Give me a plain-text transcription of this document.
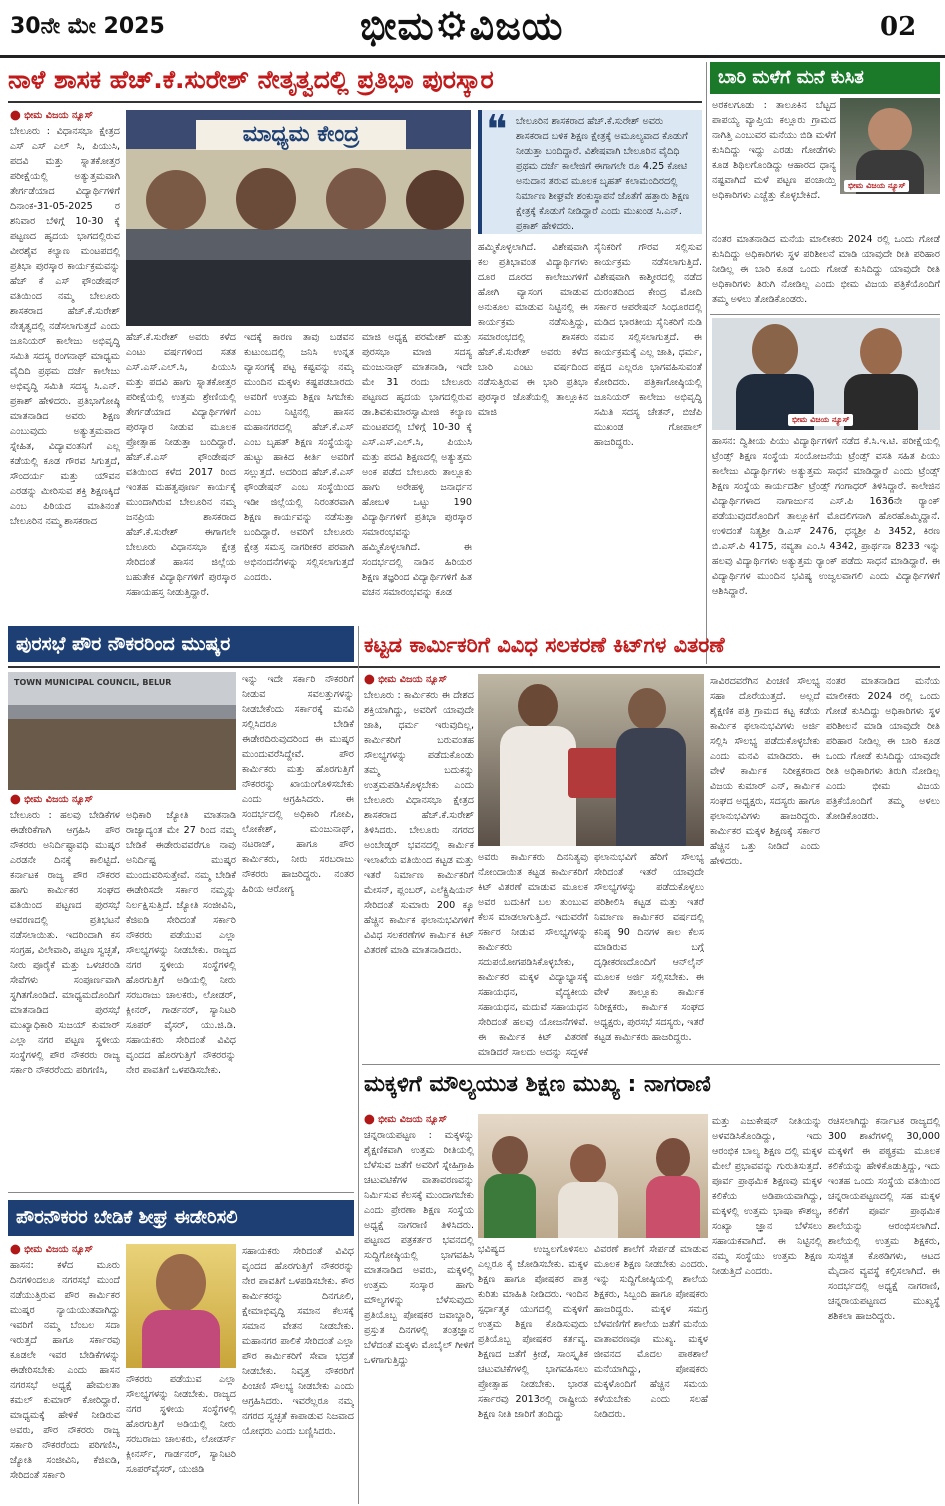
30ನೇ ಮೇ 2025	ಭೀಮ⚙ವಿಜಯ	02
ನಾಳೆ ಶಾಸಕ ಹೆಚ್.ಕೆ.ಸುರೇಶ್ ನೇತೃತ್ವದಲ್ಲಿ ಪ್ರತಿಭಾ ಪುರಸ್ಕಾರ
⬤ ಭೀಮ ವಿಜಯ ನ್ಯೂಸ್
ಬೇಲೂರು : ವಿಧಾನಸಭಾ ಕ್ಷೇತ್ರದ ಎಸ್ ಎಸ್ ಎಲ್ ಸಿ, ಪಿಯುಸಿ, ಪದವಿ ಮತ್ತು ಸ್ನಾತಕೋತ್ತರ ಪರೀಕ್ಷೆಯಲ್ಲಿ ಅತ್ಯುತ್ತಮವಾಗಿ ತೇರ್ಗಡೆಯಾದ ವಿದ್ಯಾರ್ಥಿಗಳಿಗೆ ದಿನಾಂಕ-31-05-2025 ರ ಶನಿವಾರ ಬೆಳಿಗ್ಗೆ 10-30 ಕ್ಕೆ ಪಟ್ಟಣದ ಹೃದಯ ಭಾಗದಲ್ಲಿರುವ ವೀರಶೈವ ಕಲ್ಯಾಣ ಮಂಟಪದಲ್ಲಿ ಪ್ರತಿಭಾ ಪುರಸ್ಕಾರ ಕಾರ್ಯಕ್ರಮವನ್ನು ಹೆಚ್ ಕೆ ಎಸ್ ಫೌಂಡೇಷನ್ ವತಿಯಿಂದ ನಮ್ಮ ಬೇಲೂರು ಶಾಸಕರಾದ ಹೆಚ್.ಕೆ.ಸುರೇಶ್ ನೇತೃತ್ವದಲ್ಲಿ ನಡೆಸಲಾಗುತ್ತದೆ ಎಂದು ಜೂನಿಯರ್ ಕಾಲೇಜು ಅಭಿವೃದ್ಧಿ ಸಮಿತಿ ಸದಸ್ಯ ರಂಗನಾಥ್ ಮಾಧ್ಯಮ ವೈದಿದಿ ಪ್ರಥಮ ದರ್ಜೆ ಕಾಲೇಜು ಅಭಿವೃದ್ಧಿ ಸಮಿತಿ ಸದಸ್ಯ ಸಿ.ಎನ್. ಪ್ರಕಾಶ್ ಹೇಳಿದರು. ಪ್ರತಿಭಾಗೋಷ್ಠಿ ಮಾತನಾಡಿದ ಅವರು ಶಿಕ್ಷಣ ಎಂಬುವುದು ಅತ್ಯುತ್ತಮವಾದ ಸ್ನೇಹಿತ, ವಿದ್ಯಾವಂತನಿಗೆ ಎಲ್ಲ ಕಡೆಯಲ್ಲಿ ಕೂಡ ಗೌರವ ಸಿಗುತ್ತದೆ, ಸೌಂದರ್ಯ ಮತ್ತು ಯೌವನ ಎರಡನ್ನು ಮೀರಿಸುವ ಶಕ್ತಿ ಶಿಕ್ಷಣಕ್ಕಿದೆ ಎಂಬ ಪಿಠಿಯದ ಮಾತಿನಂತೆ ಬೇಲೂರಿನ ನಮ್ಮ ಶಾಸಕರಾದ
ಮಾಧ್ಯಮ ಕೇಂದ್ರ	❝ ಬೇಲೂರಿನ ಶಾಸಕರಾದ ಹೆಚ್.ಕೆ.ಸುರೇಶ್ ಅವರು ಶಾಸಕರಾದ ಬಳಿಕ ಶಿಕ್ಷಣ ಕ್ಷೇತ್ರಕ್ಕೆ ಅಮೂಲ್ಯವಾದ ಕೊಡುಗೆ ನೀಡುತ್ತಾ ಬಂದಿದ್ದಾರೆ. ವಿಶೇಷವಾಗಿ ಬೇಲೂರಿನ ವೈದಿಧಿ ಪ್ರಥಮ ದರ್ಜೆ ಕಾಲೇಜಿಗೆ ಈಗಾಗಲೇ ರೂ 4.25 ಕೋಟಿ ಅನುದಾನ ತರುವ ಮೂಲಕ ಬೃಹತ್ ಕಲಾಮಂದಿರದಲ್ಲಿ ನಿರ್ಮಾಣ ಶೀಘ್ರವೇ ಶಂಕುಸ್ಥಾಪನೆ ಜೊತೆಗೆ ಹತ್ತಾರು ಶಿಕ್ಷಣ ಕ್ಷೇತ್ರಕ್ಕೆ ಕೊಡುಗೆ ನೀಡಿದ್ದಾರೆ ಎಂದು ಮುಖಂಡ ಸಿ.ಎನ್. ಪ್ರಕಾಶ್ ಹೇಳಿದರು.
ಹೆಚ್.ಕೆ.ಸುರೇಶ್ ಅವರು ಕಳೆದ ಎಂಟು ವರ್ಷಗಳಿಂದ ಸತತ ಎಸ್.ಎಸ್.ಎಲ್.ಸಿ, ಪಿಯುಸಿ ಮತ್ತು ಪದವಿ ಹಾಗು ಸ್ನಾತಕೋತ್ತರ ಪರೀಕ್ಷೆಯಲ್ಲಿ ಉತ್ತಮ ಶ್ರೇಣಿಯಲ್ಲಿ ತೇರ್ಗಡೆಯಾದ ವಿದ್ಯಾರ್ಥಿಗಳಿಗೆ ಪುರಸ್ಕಾರ ನೀಡುವ ಮೂಲಕ ಪ್ರೋತ್ಸಾಹ ನೀಡುತ್ತಾ ಬಂದಿದ್ದಾರೆ. ಹೆಚ್.ಕೆ.ಎಸ್ ಫೌಂಡೇಷನ್ ವತಿಯಿಂದ ಕಳೆದ 2017 ರಿಂದ ಇಂತಹ ಮಹತ್ವಪೂರ್ಣ ಕಾರ್ಯಕ್ಕೆ ಮುಂದಾಗಿರುವ ಬೇಲೂರಿನ ನಮ್ಮ ಜನಪ್ರಿಯ ಶಾಸಕರಾದ ಹೆಚ್.ಕೆ.ಸುರೇಶ್ ಈಗಾಗಲೇ ಬೇಲೂರು ವಿಧಾನಸಭಾ ಕ್ಷೇತ್ರ ಸೇರಿದಂತೆ ಹಾಸನ ಜಿಲ್ಲೆಯ ಬಹುತೇಕ ವಿದ್ಯಾರ್ಥಿಗಳಿಗೆ ಪುರಸ್ಕಾರ ಸಹಾಯಹಸ್ತ ನೀಡುತ್ತಿದ್ದಾರೆ.
ಇದಕ್ಕೆ ಕಾರಣ ತಾವು ಬಡವನ ಕುಟುಂಬದಲ್ಲಿ ಜನಿಸಿ ಉನ್ನತ ವ್ಯಾಸಂಗಕ್ಕೆ ಪಟ್ಟ ಕಷ್ಟವನ್ನು ನಮ್ಮ ಮುಂದಿನ ಮಕ್ಕಳು ಕಷ್ಟಪಡಬಾರದು ಅವರಿಗೆ ಉತ್ತಮ ಶಿಕ್ಷಣ ಸಿಗಬೇಕು ಎಂಬ ನಿಟ್ಟಿನಲ್ಲಿ ಹಾಸನ ಮಹಾನಗರದಲ್ಲಿ ಹೆಚ್.ಕೆ.ಎಸ್ ಎಂಬ ಬೃಹತ್ ಶಿಕ್ಷಣ ಸಂಸ್ಥೆಯನ್ನು ಹುಟ್ಟು ಹಾಕಿದ ಕೀರ್ತಿ ಅವರಿಗೆ ಸಲ್ಲುತ್ತದೆ. ಅದರಿಂದ ಹೆಚ್.ಕೆ.ಎಸ್ ಫೌಂಡೇಷನ್ ಎಂಬ ಸಂಸ್ಥೆಯಿಂದ ಇಡೀ ಜಿಲ್ಲೆಯಲ್ಲಿ ನಿರಂತರವಾಗಿ ಶಿಕ್ಷಣ ಕಾರ್ಯವನ್ನು ನಡೆಸುತ್ತಾ ಬಂದಿದ್ದಾರೆ. ಅವರಿಗೆ ಬೇಲೂರು ಕ್ಷೇತ್ರ ಸಮಸ್ತ ನಾಗರೀಕರ ಪರವಾಗಿ ಅಭಿನಂದನೆಗಳನ್ನು ಸಲ್ಲಿಸಲಾಗುತ್ತದೆ ಎಂದರು.
ಮಾಜಿ ಅಧ್ಯಕ್ಷ ಪರಮೇಶ್ ಮತ್ತು ಪುರಸಭಾ ಮಾಜಿ ಸದಸ್ಯ ಮಂಜುನಾಥ್ ಮಾತನಾಡಿ, ಇದೇ ಮೇ 31 ರಂದು ಬೇಲೂರು ಪಟ್ಟಣದ ಹೃದಯ ಭಾಗದಲ್ಲಿರುವ ಡಾ.ಶಿವಕುಮಾರಸ್ವಾಮೀಜಿ ಕಲ್ಯಾಣ ಮಂಟಪದಲ್ಲಿ ಬೆಳಿಗ್ಗೆ 10-30 ಕ್ಕೆ ಎಸ್.ಎಸ್.ಎಲ್.ಸಿ, ಪಿಯುಸಿ ಮತ್ತು ಪದವಿ ಶಿಕ್ಷಣದಲ್ಲಿ ಅತ್ಯುತ್ತಮ ಅಂಕ ಪಡೆದ ಬೇಲೂರು ತಾಲ್ಲೂಕು ಹಾಗು ಅರೇಹಳ್ಳಿ ಜನಾರ್ಧನ ಹೋಬಳಿ ಒಟ್ಟು 190 ವಿದ್ಯಾರ್ಥಿಗಳಿಗೆ ಪ್ರತಿಭಾ ಪುರಸ್ಕಾರ ಸಮಾರಂಭವನ್ನು ಹಮ್ಮಿಕೊಳ್ಳಲಾಗಿದೆ. ಈ ಸಂದರ್ಭದಲ್ಲಿ ನಾಡಿನ ಹಿರಿಯರ ಶಿಕ್ಷಣ ತಜ್ಞರಿಂದ ವಿದ್ಯಾರ್ಥಿಗಳಿಗೆ ಹಿತ ವಚನ ಸಮಾರಂಭವನ್ನು ಕೂಡ
ಹಮ್ಮಿಕೊಳ್ಳಲಾಗಿದೆ. ವಿಶೇಷವಾಗಿ ಕಲ ಪ್ರತಿಭಾವಂತ ವಿದ್ಯಾರ್ಥಿಗಳು ದೂರ ದೂರದ ಕಾಲೇಜುಗಳಿಗೆ ಹೋಗಿ ವ್ಯಾಸಂಗ ಮಾಡುವ ಅನುಕೂಲ ಮಾಡುವ ನಿಟ್ಟಿನಲ್ಲಿ ಈ ಕಾರ್ಯಕ್ರಮ ನಡೆಸುತ್ತಿದ್ದು, ಸಮಾರಂಭದಲ್ಲಿ ಶಾಸಕರು ಹೆಚ್.ಕೆ.ಸುರೇಶ್ ಅವರು ಕಳೆದ ಬಾರಿ ಎಂಟು ವರ್ಷದಿಂದ ನಡೆಸುತ್ತಿರುವ ಈ ಭಾರಿ ಪ್ರತಿಭಾ ಪುರಸ್ಕಾರ ಜೊತೆಯಲ್ಲಿ ತಾಲ್ಲೂಕಿನ ಮಾಜಿ
ಸೈನಿಕರಿಗೆ ಗೌರವ ಸಲ್ಲಿಸುವ ಕಾರ್ಯಕ್ರಮ ನಡೆಸಲಾಗುತ್ತಿದೆ. ವಿಶೇಷವಾಗಿ ಕಾಶ್ಮೀರದಲ್ಲಿ ನಡೆದ ದುರಂತದಿಂದ ಕೇಂದ್ರ ಮೋದಿ ಸರ್ಕಾರ ಆಪರೇಷನ್ ಸಿಂಧೂರದಲ್ಲಿ ಮಡಿದ ಭಾರತೀಯ ಸೈನಿಕರಿಗೆ ನುಡಿ ನಮನ ಸಲ್ಲಿಸಲಾಗುತ್ತದೆ. ಈ ಕಾರ್ಯಕ್ರಮಕ್ಕೆ ಎಲ್ಲ ಜಾತಿ, ಧರ್ಮ, ಪಕ್ಷದ ಎಲ್ಲರೂ ಭಾಗವಹಿಸುವಂತೆ ಕೋರಿದರು. ಪತ್ರಿಕಾಗೋಷ್ಠಿಯಲ್ಲಿ ಜೂನಿಯರ್ ಕಾಲೇಜು ಅಭಿವೃದ್ಧಿ ಸಮಿತಿ ಸದಸ್ಯ ಚೇತನ್, ಬಿಜೆಪಿ ಮುಖಂಡ ಗೋಪಾಲ್ ಹಾಜರಿದ್ದರು.
ಬಾರಿ ಮಳೆಗೆ ಮನೆ ಕುಸಿತ
ಅರಕಲಗೂಡು : ತಾಲೂಕಿನ ಬೆಟ್ಟದ ಪಾಪಯ್ಯ ವ್ಯಾಪ್ತಿಯ ಕಲ್ಲೂರು ಗ್ರಾಮದ ನಾಗಿತ್ತಿ ಎಂಬುವರ ಮನೆಯು ಬಿಡಿ ಮಳೆಗೆ ಕುಸಿದಿದ್ದು ಇದ್ದು ಎರಡು ಗೋಡೆಗಳು ಕೂಡ ಶಿಥಿಲಗೊಂಡಿದ್ದು ಆಹಾರದ ಧಾನ್ಯ ನಷ್ಟವಾಗಿದೆ ಮಳೆ ಪಟ್ಟಣ ಪಂಚಾಯ್ತಿ ಅಧಿಕಾರಿಗಳು ಎಚ್ಚೆತ್ತು ಕೊಳ್ಳಬೇಕಿದೆ.
ಭೀಮ ವಿಜಯ ನ್ಯೂಸ್
ನಂತರ ಮಾತನಾಡಿದ ಮನೆಯ ಮಾಲೀಕರು 2024 ರಲ್ಲಿ ಒಂದು ಗೋಡೆ ಕುಸಿದಿದ್ದು ಅಧಿಕಾರಿಗಳು ಸ್ಥಳ ಪರಿಶೀಲನೆ ಮಾಡಿ ಯಾವುದೇ ರೀತಿ ಪರಿಹಾರ ನೀಡಿಲ್ಲ ಈ ಬಾರಿ ಕೂಡ ಒಂದು ಗೋಡೆ ಕುಸಿದಿದ್ದು ಯಾವುದೇ ರೀತಿ ಅಧಿಕಾರಿಗಳು ತಿರುಗಿ ನೋಡಿಲ್ಲ ಎಂದು ಭೀಮ ವಿಜಯ ಪತ್ರಿಕೆಯೊಂದಿಗೆ ತಮ್ಮ ಅಳಲು ತೋಡಿಕೊಂಡರು.
ಭೀಮ ವಿಜಯ ನ್ಯೂಸ್
ಹಾಸನ: ದ್ವಿತೀಯ ಪಿಯು ವಿದ್ಯಾರ್ಥಿಗಳಿಗೆ ನಡೆದ ಕೆ.ಸಿ.ಇ.ಟಿ. ಪರೀಕ್ಷೆಯಲ್ಲಿ ಟ್ರೆಂಡ್ಸ್ ಶಿಕ್ಷಣ ಸಂಸ್ಥೆಯ ಸಂಯೋಜನೆಯ ಟ್ರೆಂಡ್ಸ್ ವಸತಿ ಸಹಿತ ಪಿಯು ಕಾಲೇಜು ವಿದ್ಯಾರ್ಥಿಗಳು ಅತ್ಯುತ್ತಮ ಸಾಧನೆ ಮಾಡಿದ್ದಾರೆ ಎಂದು ಟ್ರೆಂಡ್ಸ್ ಶಿಕ್ಷಣ ಸಂಸ್ಥೆಯ ಕಾರ್ಯದರ್ಶಿ ಟ್ರೆಂಡ್ಸ್ ಗಂಗಾಧರ್ ತಿಳಿಸಿದ್ದಾರೆ. ಕಾಲೇಜಿನ ವಿದ್ಯಾರ್ಥಿಗಳಾದ ನಾಗಾರ್ಜುನ ಎಸ್.ಪಿ 1636ನೇ ರ್‍ಯಾಂಕ್ ಪಡೆಯುವುದರೊಂದಿಗೆ ತಾಲ್ಲೂಕಿಗೆ ಮೊದಲಿಗನಾಗಿ ಹೊರಹೊಮ್ಮಿದ್ದಾನೆ. ಉಳಿದಂತೆ ನಿತ್ಯಶ್ರೀ ಡಿ.ಎಸ್ 2476, ಧನ್ಯಶ್ರೀ ಪಿ 3452, ಕಿರಣ ಬಿ.ಎಸ್.ಪಿ 4175, ನವ್ಯತಾ ಎಂ.ಸಿ 4342, ಪ್ರಾರ್ಥನಾ 8233 ಇನ್ನು ಹಲವು ವಿದ್ಯಾರ್ಥಿಗಳು ಅತ್ಯುತ್ತಮ ರ್‍ಯಾಂಕ್ ಪಡೆದು ಸಾಧನೆ ಮಾಡಿದ್ದಾರೆ. ಈ ವಿದ್ಯಾರ್ಥಿಗಳ ಮುಂದಿನ ಭವಿಷ್ಯ ಉಜ್ವಲವಾಗಲಿ ಎಂದು ವಿದ್ಯಾರ್ಥಿಗಳಿಗೆ ಆಶಿಸಿದ್ದಾರೆ.
ಪುರಸಭೆ ಪೌರ ನೌಕರರಿಂದ ಮುಷ್ಕರ
TOWN MUNICIPAL COUNCIL, BELUR
⬤ ಭೀಮ ವಿಜಯ ನ್ಯೂಸ್
ಬೇಲೂರು : ಹಲವು ಬೇಡಿಕೆಗಳ ಈಡೇರಿಕೆಗಾಗಿ ಆಗ್ರಹಿಸಿ ಪೌರ ನೌಕರರು ಅನಿರ್ದಿಷ್ಟಾವಧಿ ಮುಷ್ಕರ ಎರಡನೇ ದಿನಕ್ಕೆ ಕಾಲಿಟ್ಟಿದೆ. ಕರ್ನಾಟಕ ರಾಜ್ಯ ಪೌರ ನೌಕರರ ಹಾಗು ಕಾರ್ಮಿಕರ ಸಂಘದ ವತಿಯಿಂದ ಪಟ್ಟಣದ ಪುರಸಭೆ ಆವರಣದಲ್ಲಿ ಪ್ರತಿಭಟನೆ ನಡೆಸಲಾಯಿತು. ಇದರಿಂದಾಗಿ ಕಸ ಸಂಗ್ರಹ, ವಿಲೇವಾರಿ, ಪಟ್ಟಣ ಸ್ವಚ್ಛತೆ, ನೀರು ಪೂರೈಕೆ ಮತ್ತು ಒಳಚರಂಡಿ ಸೇವೆಗಳು ಸಂಪೂರ್ಣವಾಗಿ ಸ್ಥಗಿತಗೊಂಡಿದೆ. ಮಾಧ್ಯಮದೊಂದಿಗೆ ಮಾತನಾಡಿದ ಪುರಸಭೆ ಮುಖ್ಯಾಧಿಕಾರಿ ಸುಜಯ್ ಕುಮಾರ್ ಎಲ್ಲಾ ನಗರ ಪಟ್ಟಣ ಸ್ಥಳೀಯ ಸಂಸ್ಥೆಗಳಲ್ಲಿ ಪೌರ ನೌಕರರು ರಾಜ್ಯ ಸರ್ಕಾರಿ ನೌಕರರೆಂದು ಪರಿಗಣಿಸಿ,
ಅಧಿಕಾರಿ ಜ್ಯೋತಿ ಮಾತನಾಡಿ ರಾಜ್ಯಾದ್ಯಂತ ಮೇ 27 ರಿಂದ ನಮ್ಮ ಬೇಡಿಕೆ ಈಡೇರುವವರೆಗೂ ನಾವು ಅನಿರ್ದಿಷ್ಟ ಮುಷ್ಕರ ಮುಂದುವರಿಸುತ್ತೇವೆ. ನಮ್ಮ ಬೇಡಿಕೆ ಈಡೇರಿಸದೇ ಸರ್ಕಾರ ನಮ್ಮನ್ನು ನಿರ್ಲಕ್ಷಿಸುತ್ತಿದೆ. ಜ್ಯೋತಿ ಸಂಜೀವಿನಿ, ಕೆಜಿಐಡಿ ಸೇರಿದಂತೆ ಸರ್ಕಾರಿ ನೌಕರರು ಪಡೆಯುವ ಎಲ್ಲಾ ಸೌಲಭ್ಯಗಳನ್ನು ನೀಡಬೇಕು. ರಾಜ್ಯದ ನಗರ ಸ್ಥಳೀಯ ಸಂಸ್ಥೆಗಳಲ್ಲಿ ಹೊರಗುತ್ತಿಗೆ ಅಡಿಯಲ್ಲಿ ನೀರು ಸರಬರಾಜು ಚಾಲಕರು, ಲೋಡರ್, ಕ್ಲೀನರ್, ಗಾರ್ಡನರ್, ಸ್ಯಾನಿಟರಿ ಸೂಪರ್ ವೈಸರ್, ಯು.ಜಿ.ಡಿ. ಸಹಾಯಕರು ಸೇರಿದಂತೆ ವಿವಿಧ ವೃಂದದ ಹೊರಗುತ್ತಿಗೆ ನೌಕರರನ್ನು ನೇರ ಪಾವತಿಗೆ ಒಳಪಡಿಸಬೇಕು.
ಇನ್ನು ಇದೇ ಸರ್ಕಾರಿ ನೌಕರರಿಗೆ ನೀಡುವ ಸವಲತ್ತುಗಳನ್ನು ನೀಡಬೇಕೆಂದು ಸರ್ಕಾರಕ್ಕೆ ಮನವಿ ಸಲ್ಲಿಸಿದರೂ ಬೇಡಿಕೆ ಈಡೇರದಿರುವುದರಿಂದ ಈ ಮುಷ್ಕರ ಮುಂದುವರೆಸಿದ್ದೇವೆ. ಪೌರ ಕಾರ್ಮಿಕರು ಮತ್ತು ಹೊರಗುತ್ತಿಗೆ ನೌಕರರನ್ನು ಖಾಯಂಗೊಳಿಸಬೇಕು ಎಂದು ಆಗ್ರಹಿಸಿದರು. ಈ ಸಂದರ್ಭದಲ್ಲಿ ಅಧಿಕಾರಿ ಗೋಪಿ, ಲೋಕೇಶ್, ಮಂಜುನಾಥ್, ನಟರಾಜ್, ಹಾಗೂ ಪೌರ ಕಾರ್ಮಿಕರು, ನೀರು ಸರಬರಾಜು ನೌಕರರು ಹಾಜರಿದ್ದರು. ನಂತರ ಹಿರಿಯ ಆರೋಗ್ಯ
ಕಟ್ಟಡ ಕಾರ್ಮಿಕರಿಗೆ ವಿವಿಧ ಸಲಕರಣೆ ಕಿಟ್‌ಗಳ ವಿತರಣೆ
⬤ ಭೀಮ ವಿಜಯ ನ್ಯೂಸ್
ಬೇಲೂರು : ಕಾರ್ಮಿಕರು ಈ ದೇಶದ ಶಕ್ತಿಯಾಗಿದ್ದು, ಅವರಿಗೆ ಯಾವುದೇ ಜಾತಿ, ಧರ್ಮ ಇರುವುದಿಲ್ಲ, ಕಾರ್ಮಿಕರಿಗೆ ಬರುವಂತಹ ಸೌಲಭ್ಯಗಳನ್ನು ಪಡೆದುಕೊಂಡು ತಮ್ಮ ಬದುಕನ್ನು ಉತ್ತಮಪಡಿಸಿಕೊಳ್ಳಬೇಕು ಎಂದು ಬೇಲೂರು ವಿಧಾನಸಭಾ ಕ್ಷೇತ್ರದ ಶಾಸಕರಾದ ಹೆಚ್.ಕೆ.ಸುರೇಶ್ ತಿಳಿಸಿದರು. ಬೇಲೂರು ನಗರದ ಅಂಬೇಡ್ಕರ್ ಭವನದಲ್ಲಿ ಕಾರ್ಮಿಕ ಇಲಾಖೆಯ ವತಿಯಿಂದ ಕಟ್ಟಡ ಮತ್ತು ಇತರೆ ನಿರ್ಮಾಣ ಕಾರ್ಮಿಕರಿಗೆ ಮೇಸನ್, ಪ್ಲಂಬರ್, ಎಲೆಕ್ಟ್ರಿಷಿಯನ್ ಸೇರಿದಂತೆ ಸುಮಾರು 200 ಕ್ಕೂ ಹೆಚ್ಚಿನ ಕಾರ್ಮಿಕ ಫಲಾನುಭವಿಗಳಿಗೆ ವಿವಿಧ ಸಲಕರಣೆಗಳ ಕಾರ್ಮಿಕ ಕಿಟ್ ವಿತರಣೆ ಮಾಡಿ ಮಾತನಾಡಿದರು.
ಅವರು ಕಾರ್ಮಿಕರು ದಿನನಿತ್ಯವು ನೋಂದಾಯಿತ ಕಟ್ಟಡ ಕಾರ್ಮಿಕರಿಗೆ ಕಿಟ್ ವಿತರಣೆ ಮಾಡುವ ಮೂಲಕ ಅವರ ಬದುಕಿಗೆ ಬಲ ತುಂಬುವ ಕೆಲಸ ಮಾಡಲಾಗುತ್ತಿದೆ. ಇದುವರೆಗೆ ಸರ್ಕಾರ ನೀಡುವ ಸೌಲಭ್ಯಗಳನ್ನು ಕಾರ್ಮಿಕರು ಸದುಪಯೋಗಪಡಿಸಿಕೊಳ್ಳಬೇಕು, ಕಾರ್ಮಿಕರ ಮಕ್ಕಳ ವಿದ್ಯಾಭ್ಯಾಸಕ್ಕೆ ಸಹಾಯಧನ, ವೈದ್ಯಕೀಯ ಸಹಾಯಧನ, ಮದುವೆ ಸಹಾಯಧನ ಸೇರಿದಂತೆ ಹಲವು ಯೋಜನೆಗಳಿವೆ. ಈ ಕಾರ್ಮಿಕ ಕಿಟ್ ವಿತರಣೆ ಮಾಡಿದರೆ ಸಾಲದು ಅದನ್ನು ಸದ್ಬಳಕೆ
ಫಲಾನುಭವಿಗೆ ಹೆರಿಗೆ ಸೌಲಭ್ಯ ಸೇರಿದಂತೆ ಇತರೆ ಯಾವುದೇ ಸೌಲಭ್ಯಗಳನ್ನು ಪಡೆದುಕೊಳ್ಳಲು ಪರಿಶೀಲಿಸಿ ಕಟ್ಟಡ ಮತ್ತು ಇತರೆ ನಿರ್ಮಾಣ ಕಾರ್ಮಿಕರ ವರ್ಷದಲ್ಲಿ ಕನಿಷ್ಠ 90 ದಿನಗಳ ಕಾಲ ಕೆಲಸ ಮಾಡಿರುವ ಬಗ್ಗೆ ದೃಢೀಕರಣದೊಂದಿಗೆ ಆನ್‌ಲೈನ್ ಮೂಲಕ ಅರ್ಜಿ ಸಲ್ಲಿಸಬೇಕು. ಈ ವೇಳೆ ತಾಲ್ಲೂಕು ಕಾರ್ಮಿಕ ನಿರೀಕ್ಷಕರು, ಕಾರ್ಮಿಕ ಸಂಘದ ಅಧ್ಯಕ್ಷರು, ಪುರಸಭೆ ಸದಸ್ಯರು, ಇತರೆ ಕಟ್ಟಡ ಕಾರ್ಮಿಕರು ಹಾಜರಿದ್ದರು.
ಸಾವಿರದವರೆಗಿನ ಪಿಂಚಣಿ ಸೌಲಭ್ಯ ಸಹಾ ದೊರೆಯುತ್ತದೆ. ಅಲ್ಲದೆ ಶೈಕ್ಷಣಿಕ ಪತ್ರಿ ಗ್ರಾಮದ ಕಟ್ಟ ಕಡೆಯ ಕಾರ್ಮಿಕ ಫಲಾನುಭವಿಗಳು ಅರ್ಜಿ ಸಲ್ಲಿಸಿ ಸೌಲಭ್ಯ ಪಡೆದುಕೊಳ್ಳಬೇಕು ಎಂದು ಮನವಿ ಮಾಡಿದರು. ಈ ವೇಳೆ ಕಾರ್ಮಿಕ ನಿರೀಕ್ಷಕರಾದ ವಿಜಯ ಕುಮಾರ್ ಎನ್, ಕಾರ್ಮಿಕ ಸಂಘದ ಅಧ್ಯಕ್ಷರು, ಸದಸ್ಯರು ಹಾಗೂ ಫಲಾನುಭವಿಗಳು ಹಾಜರಿದ್ದರು. ಕಾರ್ಮಿಕರ ಮಕ್ಕಳ ಶಿಕ್ಷಣಕ್ಕೆ ಸರ್ಕಾರ ಹೆಚ್ಚಿನ ಒತ್ತು ನೀಡಿದೆ ಎಂದು ಹೇಳಿದರು.
ನಂತರ ಮಾತನಾಡಿದ ಮನೆಯ ಮಾಲೀಕರು 2024 ರಲ್ಲಿ ಒಂದು ಗೋಡೆ ಕುಸಿದಿದ್ದು ಅಧಿಕಾರಿಗಳು ಸ್ಥಳ ಪರಿಶೀಲನೆ ಮಾಡಿ ಯಾವುದೇ ರೀತಿ ಪರಿಹಾರ ನೀಡಿಲ್ಲ ಈ ಬಾರಿ ಕೂಡ ಒಂದು ಗೋಡೆ ಕುಸಿದಿದ್ದು ಯಾವುದೇ ರೀತಿ ಅಧಿಕಾರಿಗಳು ತಿರುಗಿ ನೋಡಿಲ್ಲ ಎಂದು ಭೀಮ ವಿಜಯ ಪತ್ರಿಕೆಯೊಂದಿಗೆ ತಮ್ಮ ಅಳಲು ತೋಡಿಕೊಂಡರು.
ಮಕ್ಕಳಿಗೆ ಮೌಲ್ಯಯುತ ಶಿಕ್ಷಣ ಮುಖ್ಯ : ನಾಗರಾಣಿ
⬤ ಭೀಮ ವಿಜಯ ನ್ಯೂಸ್
ಚನ್ನರಾಯಪಟ್ಟಣ : ಮಕ್ಕಳನ್ನು ಶೈಕ್ಷಣಿಕವಾಗಿ ಉತ್ತಮ ರೀತಿಯಲ್ಲಿ ಬೆಳೆಸುವ ಜತೆಗೆ ಅವರಿಗೆ ಸ್ನೇಹಿಗ್ರಾಹಿ ಚಟುವಟಿಕೆಗಳ ವಾತಾವರಣವನ್ನು ನಿರ್ಮಿಸುವ ಕೆಲಸಕ್ಕೆ ಮುಂದಾಗಬೇಕು ಎಂದು ಪ್ರೇರಣಾ ಶಿಕ್ಷಣ ಸಂಸ್ಥೆಯ ಅಧ್ಯಕ್ಷೆ ನಾಗರಾಣಿ ತಿಳಿಸಿದರು. ಪಟ್ಟಣದ ಪತ್ರಕರ್ತರ ಭವನದಲ್ಲಿ ಸುದ್ದಿಗೋಷ್ಠಿಯಲ್ಲಿ ಭಾಗವಹಿಸಿ ಮಾತನಾಡಿದ ಅವರು, ಮಕ್ಕಳಲ್ಲಿ ಉತ್ತಮ ಸಂಸ್ಕಾರ ಹಾಗು ಮೌಲ್ಯಗಳನ್ನು ಬೆಳೆಸುವುದು ಪ್ರತಿಯೊಬ್ಬ ಪೋಷಕರ ಜವಾಬ್ದಾರಿ, ಪ್ರಸ್ತುತ ದಿನಗಳಲ್ಲಿ ತಂತ್ರಜ್ಞಾನ ಬೆಳೆದಂತೆ ಮಕ್ಕಳು ಮೊಬೈಲ್ ಗೀಳಿಗೆ ಒಳಗಾಗುತ್ತಿದ್ದು
ಭವಿಷ್ಯದ ಉಜ್ವಲಗೊಳಿಸಲು ಎಲ್ಲರೂ ಕೈ ಜೋಡಿಸಬೇಕು. ಮಕ್ಕಳ ಶಿಕ್ಷಣ ಹಾಗೂ ಪೋಷಕರ ಪಾತ್ರ ಕುರಿತು ಮಾಹಿತಿ ನೀಡಿದರು. ಇಂದಿನ ಸ್ಪರ್ಧಾತ್ಮಕ ಯುಗದಲ್ಲಿ ಮಕ್ಕಳಿಗೆ ಉತ್ತಮ ಶಿಕ್ಷಣ ಕೊಡಿಸುವುದು ಪ್ರತಿಯೊಬ್ಬ ಪೋಷಕರ ಕರ್ತವ್ಯ. ಶಿಕ್ಷಣದ ಜತೆಗೆ ಕ್ರೀಡೆ, ಸಾಂಸ್ಕೃತಿಕ ಚಟುವಟಿಕೆಗಳಲ್ಲಿ ಭಾಗವಹಿಸಲು ಪ್ರೋತ್ಸಾಹ ನೀಡಬೇಕು. ಭಾರತ ಸರ್ಕಾರವು 2013ರಲ್ಲಿ ರಾಷ್ಟ್ರೀಯ ಶಿಕ್ಷಣ ನೀತಿ ಜಾರಿಗೆ ತಂದಿದ್ದು
ವಿವರಣೆ ಶಾಲೆಗೆ ಸೇರ್ಪಡೆ ಮಾಡುವ ಮೂಲಕ ಶಿಕ್ಷಣ ನೀಡಬೇಕು ಎಂದರು. ಇನ್ನು ಸುದ್ದಿಗೋಷ್ಠಿಯಲ್ಲಿ ಶಾಲೆಯ ಶಿಕ್ಷಕರು, ಸಿಬ್ಬಂದಿ ಹಾಗೂ ಪೋಷಕರು ಹಾಜರಿದ್ದರು. ಮಕ್ಕಳ ಸಮಗ್ರ ಬೆಳವಣಿಗೆಗೆ ಶಾಲೆಯ ಜತೆಗೆ ಮನೆಯ ವಾತಾವರಣವೂ ಮುಖ್ಯ. ಮಕ್ಕಳ ಜೀವನದ ಮೊದಲ ಪಾಠಶಾಲೆ ಮನೆಯಾಗಿದ್ದು, ಪೋಷಕರು ಮಕ್ಕಳೊಂದಿಗೆ ಹೆಚ್ಚಿನ ಸಮಯ ಕಳೆಯಬೇಕು ಎಂದು ಸಲಹೆ ನೀಡಿದರು.
ಮತ್ತು ಎಜುಕೇಷನ್ ನೀತಿಯನ್ನು ಅಳವಡಿಸಿಕೊಂಡಿದ್ದು, ಇದು ಆರಂಭಿಕ ಬಾಲ್ಯ ಶಿಕ್ಷಣ ದಲ್ಲಿ ಮಕ್ಕಳ ಮೇಲೆ ಪ್ರಭಾವವನ್ನು ಗುರುತಿಸುತ್ತದೆ. ಪೂರ್ವ ಪ್ರಾಥಮಿಕ ಶಿಕ್ಷಣವು ಮಕ್ಕಳ ಕಲಿಕೆಯ ಅಡಿಪಾಯವಾಗಿದ್ದು, ಮಕ್ಕಳಲ್ಲಿ ಉತ್ತಮ ಭಾಷಾ ಕೌಶಲ್ಯ, ಸಂಖ್ಯಾ ಜ್ಞಾನ ಬೆಳೆಸಲು ಸಹಾಯಕವಾಗಿದೆ. ಈ ನಿಟ್ಟಿನಲ್ಲಿ ನಮ್ಮ ಸಂಸ್ಥೆಯು ಉತ್ತಮ ಶಿಕ್ಷಣ ನೀಡುತ್ತಿದೆ ಎಂದರು.
ರಚಿಸಲಾಗಿದ್ದು ಕರ್ನಾಟಕ ರಾಜ್ಯದಲ್ಲಿ 300 ಶಾಖೆಗಳಲ್ಲಿ 30,000 ಮಕ್ಕಳಿಗೆ ಈ ಪಠ್ಯಕ್ರಮ ಮೂಲಕ ಕಲಿಕೆಯನ್ನು ಹೇಳಿಕೊಡುತ್ತಿದ್ದು, ಇದು ಇಂತಹ ಒಂದು ಸಂಸ್ಥೆಯ ವತಿಯಿಂದ ಚನ್ನರಾಯಪಟ್ಟಣದಲ್ಲಿ ಸಹ ಮಕ್ಕಳ ಕಲಿಕೆಗೆ ಪೂರ್ವ ಪ್ರಾಥಮಿಕ ಶಾಲೆಯನ್ನು ಆರಂಭಿಸಲಾಗಿದೆ. ಶಾಲೆಯಲ್ಲಿ ಉತ್ತಮ ಶಿಕ್ಷಕರು, ಸುಸಜ್ಜಿತ ಕೊಠಡಿಗಳು, ಆಟದ ಮೈದಾನ ವ್ಯವಸ್ಥೆ ಕಲ್ಪಿಸಲಾಗಿದೆ. ಈ ಸಂದರ್ಭದಲ್ಲಿ ಅಧ್ಯಕ್ಷೆ ನಾಗರಾಣಿ, ಚನ್ನರಾಯಪಟ್ಟಣದ ಮುಖ್ಯಸ್ಥೆ ಶಶಿಕಲಾ ಹಾಜರಿದ್ದರು.
ಪೌರನೌಕರರ ಬೇಡಿಕೆ ಶೀಘ್ರ ಈಡೇರಿಸಲಿ
⬤ ಭೀಮ ವಿಜಯ ನ್ಯೂಸ್
ಹಾಸನ: ಕಳೆದ ಮೂರು ದಿನಗಳಿಂದಲೂ ನಗರಸಭೆ ಮುಂದೆ ನಡೆಯುತ್ತಿರುವ ಪೌರ ಕಾರ್ಮಿಕರ ಮುಷ್ಕರ ನ್ಯಾಯಯುತವಾಗಿದ್ದು ಇವರಿಗೆ ನಮ್ಮ ಬೆಂಬಲ ಸದಾ ಇರುತ್ತದೆ ಹಾಗೂ ಸರ್ಕಾರವು ಕೂಡಲೇ ಇವರ ಬೇಡಿಕೆಗಳನ್ನು ಈಡೇರಿಸಬೇಕು ಎಂದು ಹಾಸನ ನಗರಸಭೆ ಅಧ್ಯಕ್ಷೆ ಹೇಮಲತಾ ಕಮಲ್ ಕುಮಾರ್ ಕೋರಿದ್ದಾರೆ. ಮಾಧ್ಯಮಕ್ಕೆ ಹೇಳಿಕೆ ನೀಡಿರುವ ಅವರು, ಪೌರ ನೌಕರರು ರಾಜ್ಯ ಸರ್ಕಾರಿ ನೌಕರರೆಂದು ಪರಿಗಣಿಸಿ, ಜ್ಯೋತಿ ಸಂಜೀವಿನಿ, ಕೆಜಿಐಡಿ, ಸೇರಿದಂತೆ ಸರ್ಕಾರಿ
ನೌಕರರು ಪಡೆಯುವ ಎಲ್ಲಾ ಸೌಲಭ್ಯಗಳನ್ನು ನೀಡಬೇಕು. ರಾಜ್ಯದ ನಗರ ಸ್ಥಳೀಯ ಸಂಸ್ಥೆಗಳಲ್ಲಿ ಹೊರಗುತ್ತಿಗೆ ಅಡಿಯಲ್ಲಿ ನೀರು ಸರಬರಾಜು ಚಾಲಕರು, ಲೋಡರ್ಸ್ ಕ್ಲೀನರ್ಸ್, ಗಾರ್ಡನರ್, ಸ್ಯಾನಿಟರಿ ಸೂಪರ್‌ವೈಸರ್, ಯುಜಿಡಿ
ಸಹಾಯಕರು ಸೇರಿದಂತೆ ವಿವಿಧ ವೃಂದದ ಹೊರಗುತ್ತಿಗೆ ನೌಕರರನ್ನು ನೇರ ಪಾವತಿಗೆ ಒಳಪಡಿಸಬೇಕು. ಕೌರ ಕಾರ್ಮಿಕರನ್ನು ದಿನಗೂಲಿ, ಕ್ಷೇಮಾಭಿವೃದ್ಧಿ ಸಮಾನ ಕೆಲಸಕ್ಕೆ ಸಮಾನ ವೇತನ ನೀಡಬೇಕು. ಮಹಾನಗರ ಪಾಲಿಕೆ ಸೇರಿದಂತೆ ಎಲ್ಲಾ ಪೌರ ಕಾರ್ಮಿಕರಿಗೆ ಸೇವಾ ಭದ್ರತೆ ನೀಡಬೇಕು. ನಿವೃತ್ತ ನೌಕರರಿಗೆ ಪಿಂಚಣಿ ಸೌಲಭ್ಯ ನೀಡಬೇಕು ಎಂದು ಆಗ್ರಹಿಸಿದರು. ಇವರೆಲ್ಲರೂ ನಮ್ಮ ನಗರದ ಸ್ವಚ್ಛತೆ ಕಾಪಾಡುವ ನಿಜವಾದ ಯೋಧರು ಎಂದು ಬಣ್ಣಿಸಿದರು.
